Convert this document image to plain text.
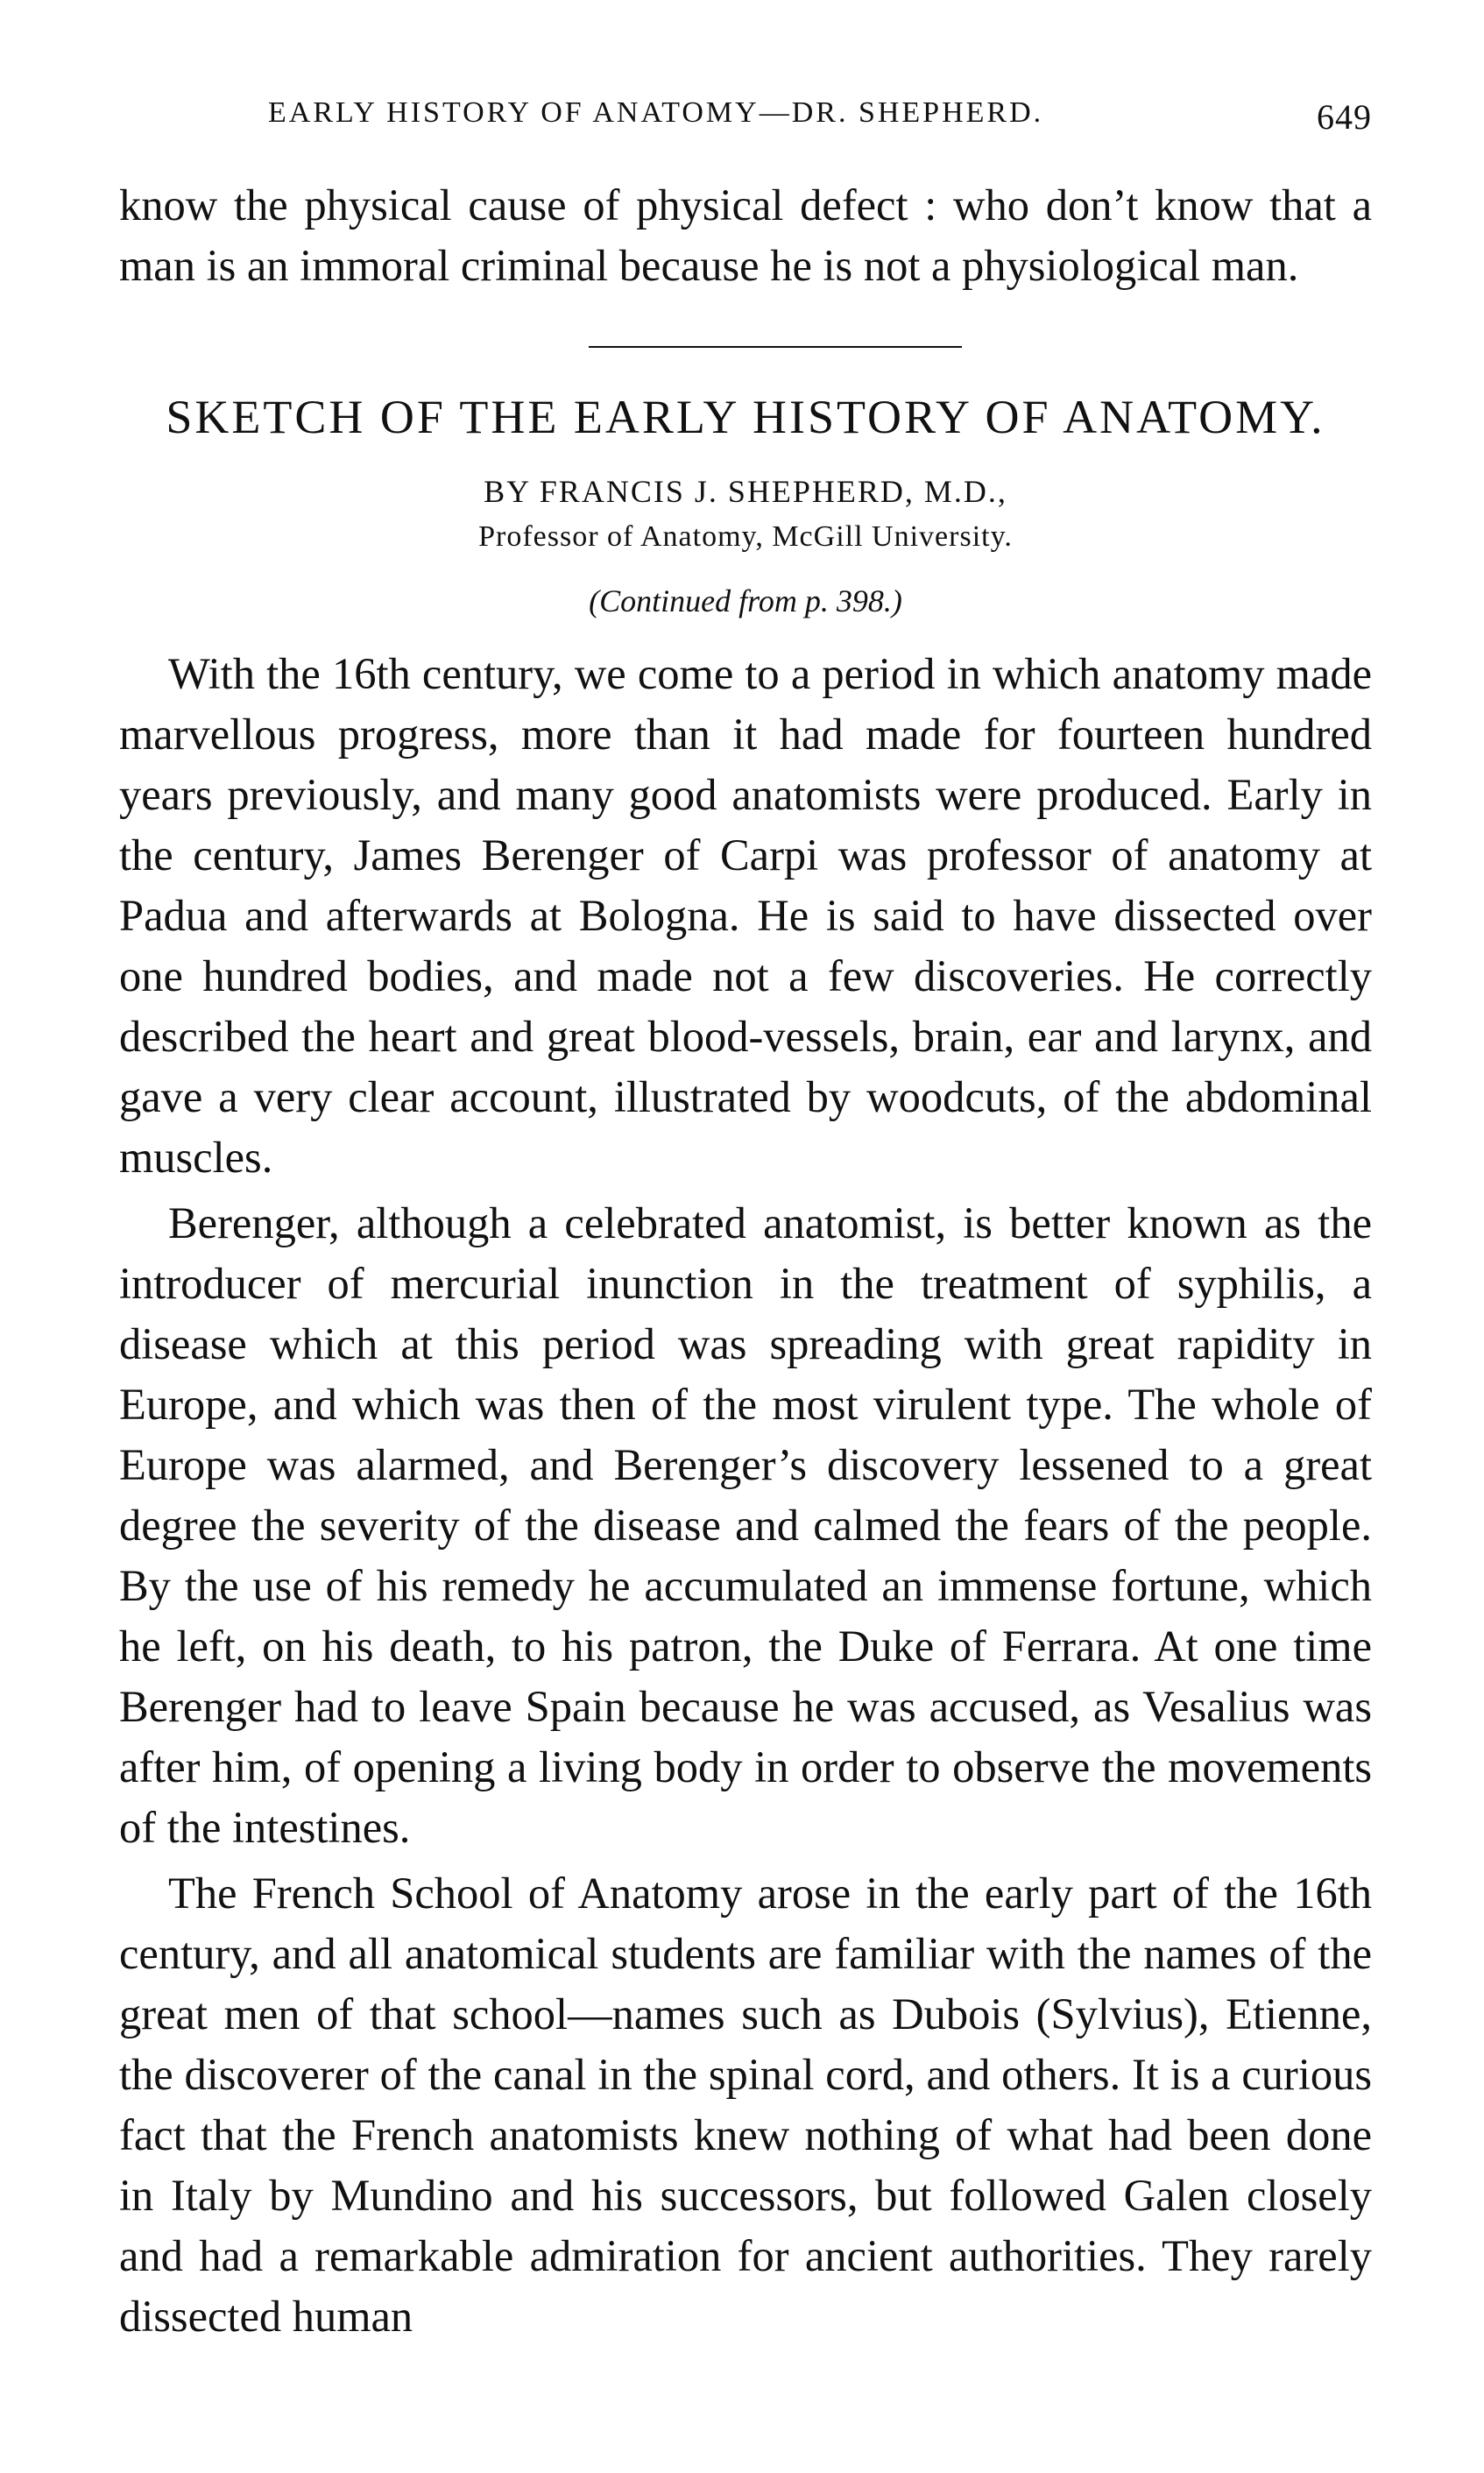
EARLY HISTORY OF ANATOMY—DR. SHEPHERD.	649

know the physical cause of physical defect : who don’t know that a man is an immoral criminal because he is not a physiological man.

SKETCH OF THE EARLY HISTORY OF ANATOMY.
BY FRANCIS J. SHEPHERD, M.D.,
Professor of Anatomy, McGill University.
(Continued from p. 398.)

With the 16th century, we come to a period in which anatomy made marvellous progress, more than it had made for fourteen hundred years previously, and many good anatomists were produced. Early in the century, James Berenger of Carpi was professor of anatomy at Padua and afterwards at Bologna. He is said to have dissected over one hundred bodies, and made not a few discoveries. He correctly described the heart and great blood-vessels, brain, ear and larynx, and gave a very clear account, illustrated by woodcuts, of the abdominal muscles.

Berenger, although a celebrated anatomist, is better known as the introducer of mercurial inunction in the treatment of syphilis, a disease which at this period was spreading with great rapidity in Europe, and which was then of the most virulent type. The whole of Europe was alarmed, and Berenger’s discovery lessened to a great degree the severity of the disease and calmed the fears of the people. By the use of his remedy he accumulated an immense fortune, which he left, on his death, to his patron, the Duke of Ferrara. At one time Berenger had to leave Spain because he was accused, as Vesalius was after him, of opening a living body in order to observe the movements of the intestines.

The French School of Anatomy arose in the early part of the 16th century, and all anatomical students are familiar with the names of the great men of that school—names such as Dubois (Sylvius), Etienne, the discoverer of the canal in the spinal cord, and others. It is a curious fact that the French anatomists knew nothing of what had been done in Italy by Mundino and his successors, but followed Galen closely and had a remarkable admiration for ancient authorities. They rarely dissected human
